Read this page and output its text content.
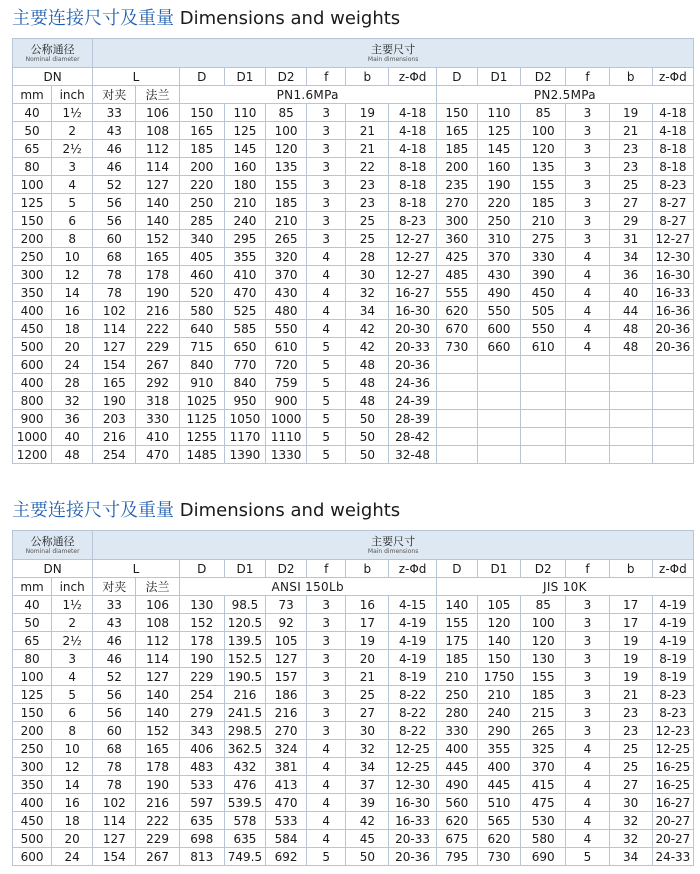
主要连接尺寸及重量 Dimensions and weights
公称通径
Nominal diameter		主要尺寸
Main dimensions													

DN		L		D	D1	D2	f	b	z-Φd	D	D1	D2	f	b	z-Φd
mm	inch	对夹	法兰	PN1.6MPa						PN2.5MPa					
40	1½	33	106	150	110	85	3	19	4-18	150	110	85	3	19	4-18
50	2	43	108	165	125	100	3	21	4-18	165	125	100	3	21	4-18
65	2½	46	112	185	145	120	3	21	4-18	185	145	120	3	23	8-18
80	3	46	114	200	160	135	3	22	8-18	200	160	135	3	23	8-18
100	4	52	127	220	180	155	3	23	8-18	235	190	155	3	25	8-23
125	5	56	140	250	210	185	3	23	8-18	270	220	185	3	27	8-27
150	6	56	140	285	240	210	3	25	8-23	300	250	210	3	29	8-27
200	8	60	152	340	295	265	3	25	12-27	360	310	275	3	31	12-27
250	10	68	165	405	355	320	4	28	12-27	425	370	330	4	34	12-30
300	12	78	178	460	410	370	4	30	12-27	485	430	390	4	36	16-30
350	14	78	190	520	470	430	4	32	16-27	555	490	450	4	40	16-33
400	16	102	216	580	525	480	4	34	16-30	620	550	505	4	44	16-36
450	18	114	222	640	585	550	4	42	20-30	670	600	550	4	48	20-36
500	20	127	229	715	650	610	5	42	20-33	730	660	610	4	48	20-36
600	24	154	267	840	770	720	5	48	20-36						
400	28	165	292	910	840	759	5	48	24-36						
800	32	190	318	1025	950	900	5	48	24-39						
900	36	203	330	1125	1050	1000	5	50	28-39						
1000	40	216	410	1255	1170	1110	5	50	28-42						
1200	48	254	470	1485	1390	1330	5	50	32-48						
主要连接尺寸及重量 Dimensions and weights
公称通径
Nominal diameter		主要尺寸
Main dimensions													

DN		L		D	D1	D2	f	b	z-Φd	D	D1	D2	f	b	z-Φd
mm	inch	对夹	法兰	ANSI 150Lb						JIS 10K					
40	1½	33	106	130	98.5	73	3	16	4-15	140	105	85	3	17	4-19
50	2	43	108	152	120.5	92	3	17	4-19	155	120	100	3	17	4-19
65	2½	46	112	178	139.5	105	3	19	4-19	175	140	120	3	19	4-19
80	3	46	114	190	152.5	127	3	20	4-19	185	150	130	3	19	8-19
100	4	52	127	229	190.5	157	3	21	8-19	210	1750	155	3	19	8-19
125	5	56	140	254	216	186	3	25	8-22	250	210	185	3	21	8-23
150	6	56	140	279	241.5	216	3	27	8-22	280	240	215	3	23	8-23
200	8	60	152	343	298.5	270	3	30	8-22	330	290	265	3	23	12-23
250	10	68	165	406	362.5	324	4	32	12-25	400	355	325	4	25	12-25
300	12	78	178	483	432	381	4	34	12-25	445	400	370	4	25	16-25
350	14	78	190	533	476	413	4	37	12-30	490	445	415	4	27	16-25
400	16	102	216	597	539.5	470	4	39	16-30	560	510	475	4	30	16-27
450	18	114	222	635	578	533	4	42	16-33	620	565	530	4	32	20-27
500	20	127	229	698	635	584	4	45	20-33	675	620	580	4	32	20-27
600	24	154	267	813	749.5	692	5	50	20-36	795	730	690	5	34	24-33
